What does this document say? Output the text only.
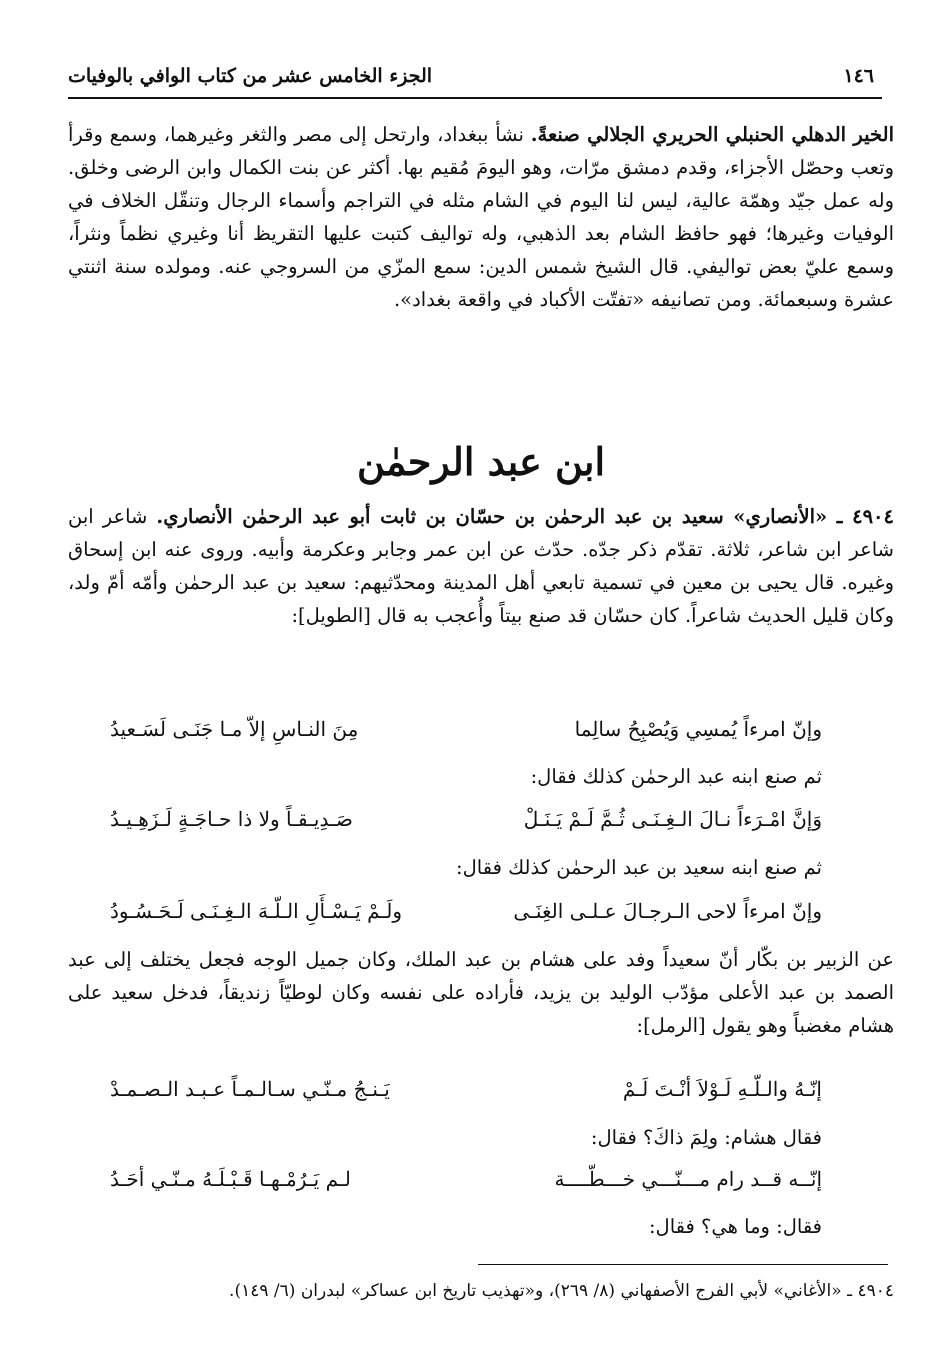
١٤٦
الجزء الخامس عشر من كتاب الوافي بالوفيات
الخير الدهلي الحنبلي الحريري الجلالي صنعةً. نشأ ببغداد، وارتحل إلى مصر والثغر وغيرهما، وسمع وقرأ وتعب وحصّل الأجزاء، وقدم دمشق مرّات، وهو اليومَ مُقيم بها. أكثر عن بنت الكمال وابن الرضى وخلق. وله عمل جيّد وهمّة عالية، ليس لنا اليوم في الشام مثله في التراجم وأسماء الرجال وتنقّل الخلاف في الوفيات وغيرها؛ فهو حافظ الشام بعد الذهبي، وله تواليف كتبت عليها التقريظ أنا وغيري نظماً ونثراً، وسمع عليّ بعض تواليفي. قال الشيخ شمس الدين: سمع المزّي من السروجي عنه. ومولده سنة اثنتي عشرة وسبعمائة. ومن تصانيفه «تفتّت الأكباد في واقعة بغداد».
ابن عبد الرحمٰن
٤٩٠٤ ـ «الأنصاري» سعيد بن عبد الرحمٰن بن حسّان بن ثابت أبو عبد الرحمٰن الأنصاري. شاعر ابن شاعر ابن شاعر، ثلاثة. تقدّم ذكر جدّه. حدّث عن ابن عمر وجابر وعكرمة وأبيه. وروى عنه ابن إسحاق وغيره. قال يحيى بن معين في تسمية تابعي أهل المدينة ومحدّثيهم: سعيد بن عبد الرحمٰن وأمّه أمّ ولد، وكان قليل الحديث شاعراً. كان حسّان قد صنع بيتاً وأُعجب به قال [الطويل]:
وإنّ امرءاً يُمسِي وَيُصْبِحُ سالِما
مِنَ النـاسِ إلاّ مـا جَنَـى لَسَـعيدُ
ثم صنع ابنه عبد الرحمٰن كذلك فقال:
وَإنَّ امْـرَءاً نـالَ الـغِـنَـى ثُـمَّ لَـمْ يَـنَـلْ
صَـدِيـقـاً ولا ذا حـاجَـةٍ لَـزَهِـيـدُ
ثم صنع ابنه سعيد بن عبد الرحمٰن كذلك فقال:
وإنّ امرءاً لاحى الـرجـالَ عـلـى الغِنَـى
ولَـمْ يَـسْـأَلِ الـلّـهَ الـغِـنَـى لَـحَـسُـودُ
عن الزبير بن بكّار أنّ سعيداً وفد على هشام بن عبد الملك، وكان جميل الوجه فجعل يختلف إلى عبد الصمد بن عبد الأعلى مؤدّب الوليد بن يزيد، فأراده على نفسه وكان لوطيّاً زنديقاً، فدخل سعيد على هشام مغضباً وهو يقول [الرمل]:
إنّـهُ والـلّـهِ لَـوْلاَ أنْـتَ لَـمْ
يَـنـجُ مـنّـي سـالـمـاً عـبـد الـصـمـدْ
فقال هشام: ولِمَ ذاكَ؟ فقال:
إنّــه قــد رام مـــنّـــي خـــطّــــة
لـم يَـرُمْـهـا قَـبْـلَـهُ مـنّـي أحَـدُ
فقال: وما هي؟ فقال:
٤٩٠٤ ـ «الأغاني» لأبي الفرج الأصفهاني (٨/ ٢٦٩)، و«تهذيب تاريخ ابن عساكر» لبدران (٦/ ١٤٩).
